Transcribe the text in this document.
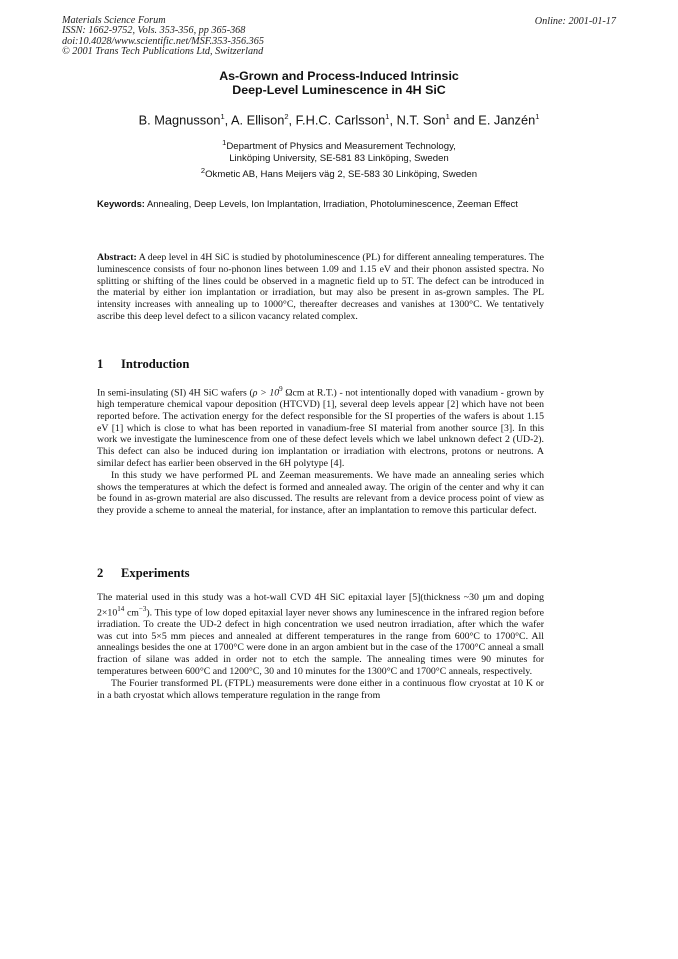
Materials Science Forum
ISSN: 1662-9752, Vols. 353-356, pp 365-368
doi:10.4028/www.scientific.net/MSF.353-356.365
© 2001 Trans Tech Publications Ltd, Switzerland
Online: 2001-01-17
As-Grown and Process-Induced Intrinsic
Deep-Level Luminescence in 4H SiC
B. Magnusson$^1$, A. Ellison$^2$, F.H.C. Carlsson$^1$, N.T. Son$^1$ and E. Janzén$^1$
$^1$Department of Physics and Measurement Technology,
Linköping University, SE-581 83 Linköping, Sweden
$^2$Okmetic AB, Hans Meijers väg 2, SE-583 30 Linköping, Sweden
Keywords: Annealing, Deep Levels, Ion Implantation, Irradiation, Photoluminescence, Zeeman Effect
Abstract: A deep level in 4H SiC is studied by photoluminescence (PL) for different annealing temperatures. The luminescence consists of four no-phonon lines between 1.09 and 1.15 eV and their phonon assisted spectra. No splitting or shifting of the lines could be observed in a magnetic field up to 5T. The defect can be introduced in the material by either ion implantation or irradiation, but may also be present in as-grown samples. The PL intensity increases with annealing up to 1000°C, thereafter decreases and vanishes at 1300°C. We tentatively ascribe this deep level defect to a silicon vacancy related complex.
1 Introduction

In semi-insulating (SI) 4H SiC wafers ($\rho > 10^9$ Ωcm at R.T.) - not intentionally doped with vanadium - grown by high temperature chemical vapour deposition (HTCVD) [1], several deep levels appear [2] which have not been reported before. The activation energy for the defect responsible for the SI properties of the wafers is about 1.15 eV [1] which is close to what has been reported in vanadium-free SI material from another source [3]. In this work we investigate the luminescence from one of these defect levels which we label unknown defect 2 (UD-2). This defect can also be induced during ion implantation or irradiation with electrons, protons or neutrons. A similar defect has earlier been observed in the 6H polytype [4].

In this study we have performed PL and Zeeman measurements. We have made an annealing series which shows the temperatures at which the defect is formed and annealed away. The origin of the center and why it can be found in as-grown material are also discussed. The results are relevant from a device process point of view as they provide a scheme to anneal the material, for instance, after an implantation to remove this particular defect.

2 Experiments

The material used in this study was a hot-wall CVD 4H SiC epitaxial layer [5](thickness ~30 μm and doping $2\times 10^{14}$ $cm^{-3}$). This type of low doped epitaxial layer never shows any luminescence in the infrared region before irradiation. To create the UD-2 defect in high concentration we used neutron irradiation, after which the wafer was cut into 5×5 mm pieces and annealed at different temperatures in the range from 600°C to 1700°C. All annealings besides the one at 1700°C were done in an argon ambient but in the case of the 1700°C anneal a small fraction of silane was added in order not to etch the sample. The annealing times were 90 minutes for temperatures between 600°C and 1200°C, 30 and 10 minutes for the 1300°C and 1700°C anneals, respectively.

The Fourier transformed PL (FTPL) measurements were done either in a continuous flow cryostat at 10 K or in a bath cryostat which allows temperature regulation in the range from
